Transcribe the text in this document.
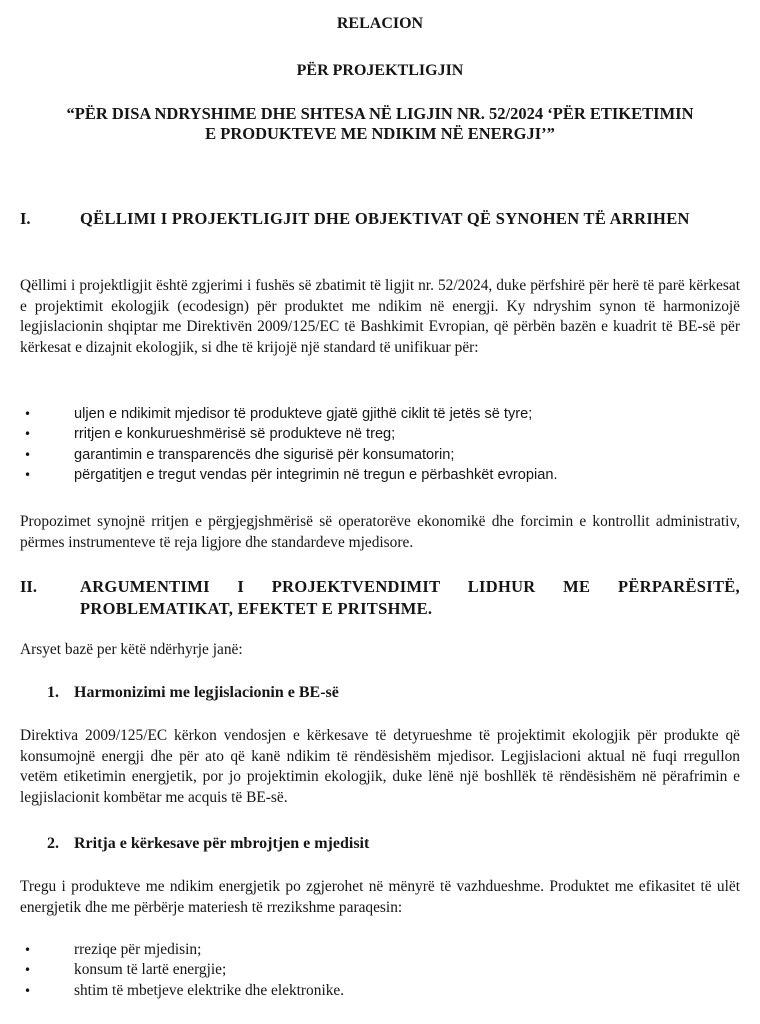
RELACION

PËR PROJEKTLIGJIN

“PËR DISA NDRYSHIME DHE SHTESA NË LIGJIN NR. 52/2024 ‘PËR ETIKETIMIN

E PRODUKTEVE ME NDIKIM NË ENERGJI’”

I.	QËLLIMI I PROJEKTLIGJIT DHE OBJEKTIVAT QË SYNOHEN TË ARRIHEN

Qëllimi i projektligjit është zgjerimi i fushës së zbatimit të ligjit nr. 52/2024, duke përfshirë për herë të parë kërkesat e projektimit ekologjik (ecodesign) për produktet me ndikim në energji. Ky ndryshim synon të harmonizojë legjislacionin shqiptar me Direktivën 2009/125/EC të Bashkimit Evropian, që përbën bazën e kuadrit të BE-së për kërkesat e dizajnit ekologjik, si dhe të krijojë një standard të unifikuar për:

•	uljen e ndikimit mjedisor të produkteve gjatë gjithë ciklit të jetës së tyre;
•	rritjen e konkurueshmërisë së produkteve në treg;
•	garantimin e transparencës dhe sigurisë për konsumatorin;
•	përgatitjen e tregut vendas për integrimin në tregun e përbashkët evropian.

Propozimet synojnë rritjen e përgjegjshmërisë së operatorëve ekonomikë dhe forcimin e kontrollit administrativ, përmes instrumenteve të reja ligjore dhe standardeve mjedisore.

II.	ARGUMENTIMI I PROJEKTVENDIMIT LIDHUR ME PËRPARËSITË, PROBLEMATIKAT, EFEKTET E PRITSHME.

Arsyet bazë per këtë ndërhyrje janë:

1. Harmonizimi me legjislacionin e BE-së

Direktiva 2009/125/EC kërkon vendosjen e kërkesave të detyrueshme të projektimit ekologjik për produkte që konsumojnë energji dhe për ato që kanë ndikim të rëndësishëm mjedisor. Legjislacioni aktual në fuqi rregullon vetëm etiketimin energjetik, por jo projektimin ekologjik, duke lënë një boshllëk të rëndësishëm në përafrimin e legjislacionit kombëtar me acquis të BE-së.

2. Rritja e kërkesave për mbrojtjen e mjedisit

Tregu i produkteve me ndikim energjetik po zgjerohet në mënyrë të vazhdueshme. Produktet me efikasitet të ulët energjetik dhe me përbërje materiesh të rrezikshme paraqesin:

•	rreziqe për mjedisin;
•	konsum të lartë energjie;
•	shtim të mbetjeve elektrike dhe elektronike.
